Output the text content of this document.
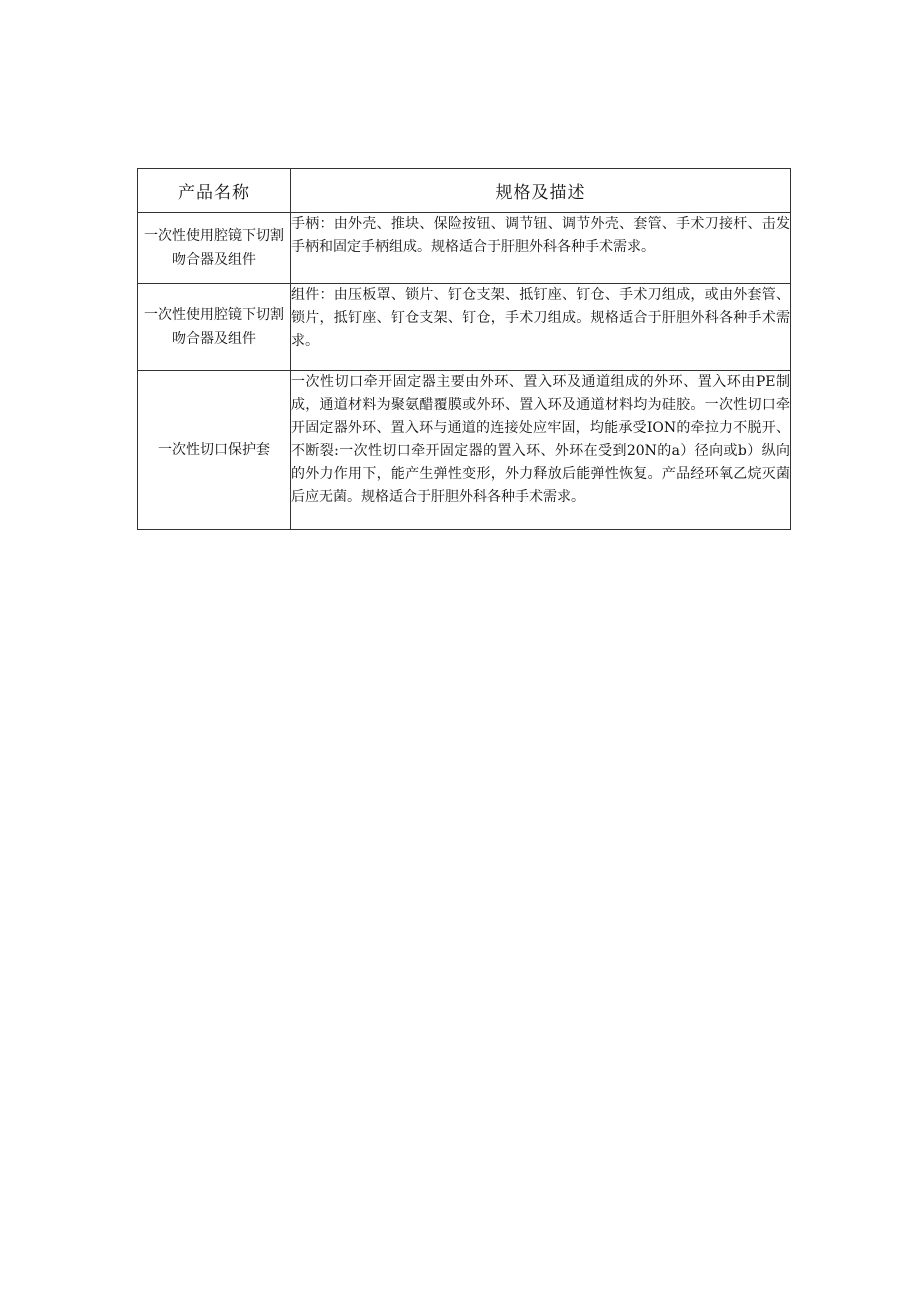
产品名称	规格及描述
一次性使用腔镜下切割吻合器及组件	手柄：由外壳、推块、保险按钮、调节钮、调节外壳、套管、手术刀接杆、击发手柄和固定手柄组成。规格适合于肝胆外科各种手术需求。
一次性使用腔镜下切割吻合器及组件	组件：由压板罩、锁片、钉仓支架、抵钉座、钉仓、手术刀组成，或由外套管、锁片，抵钉座、钉仓支架、钉仓，手术刀组成。规格适合于肝胆外科各种手术需求。
一次性切口保护套	一次性切口牵开固定器主要由外环、置入环及通道组成的外环、置入环由PE制成，通道材料为聚氨醋覆膜或外环、置入环及通道材料均为硅胶。一次性切口牵开固定器外环、置入环与通道的连接处应牢固，均能承受ION的牵拉力不脱开、不断裂:一次性切口牵开固定器的置入环、外环在受到20N的a）径向或b）纵向的外力作用下，能产生弹性变形，外力释放后能弹性恢复。产品经环氧乙烷灭菌后应无菌。规格适合于肝胆外科各种手术需求。
